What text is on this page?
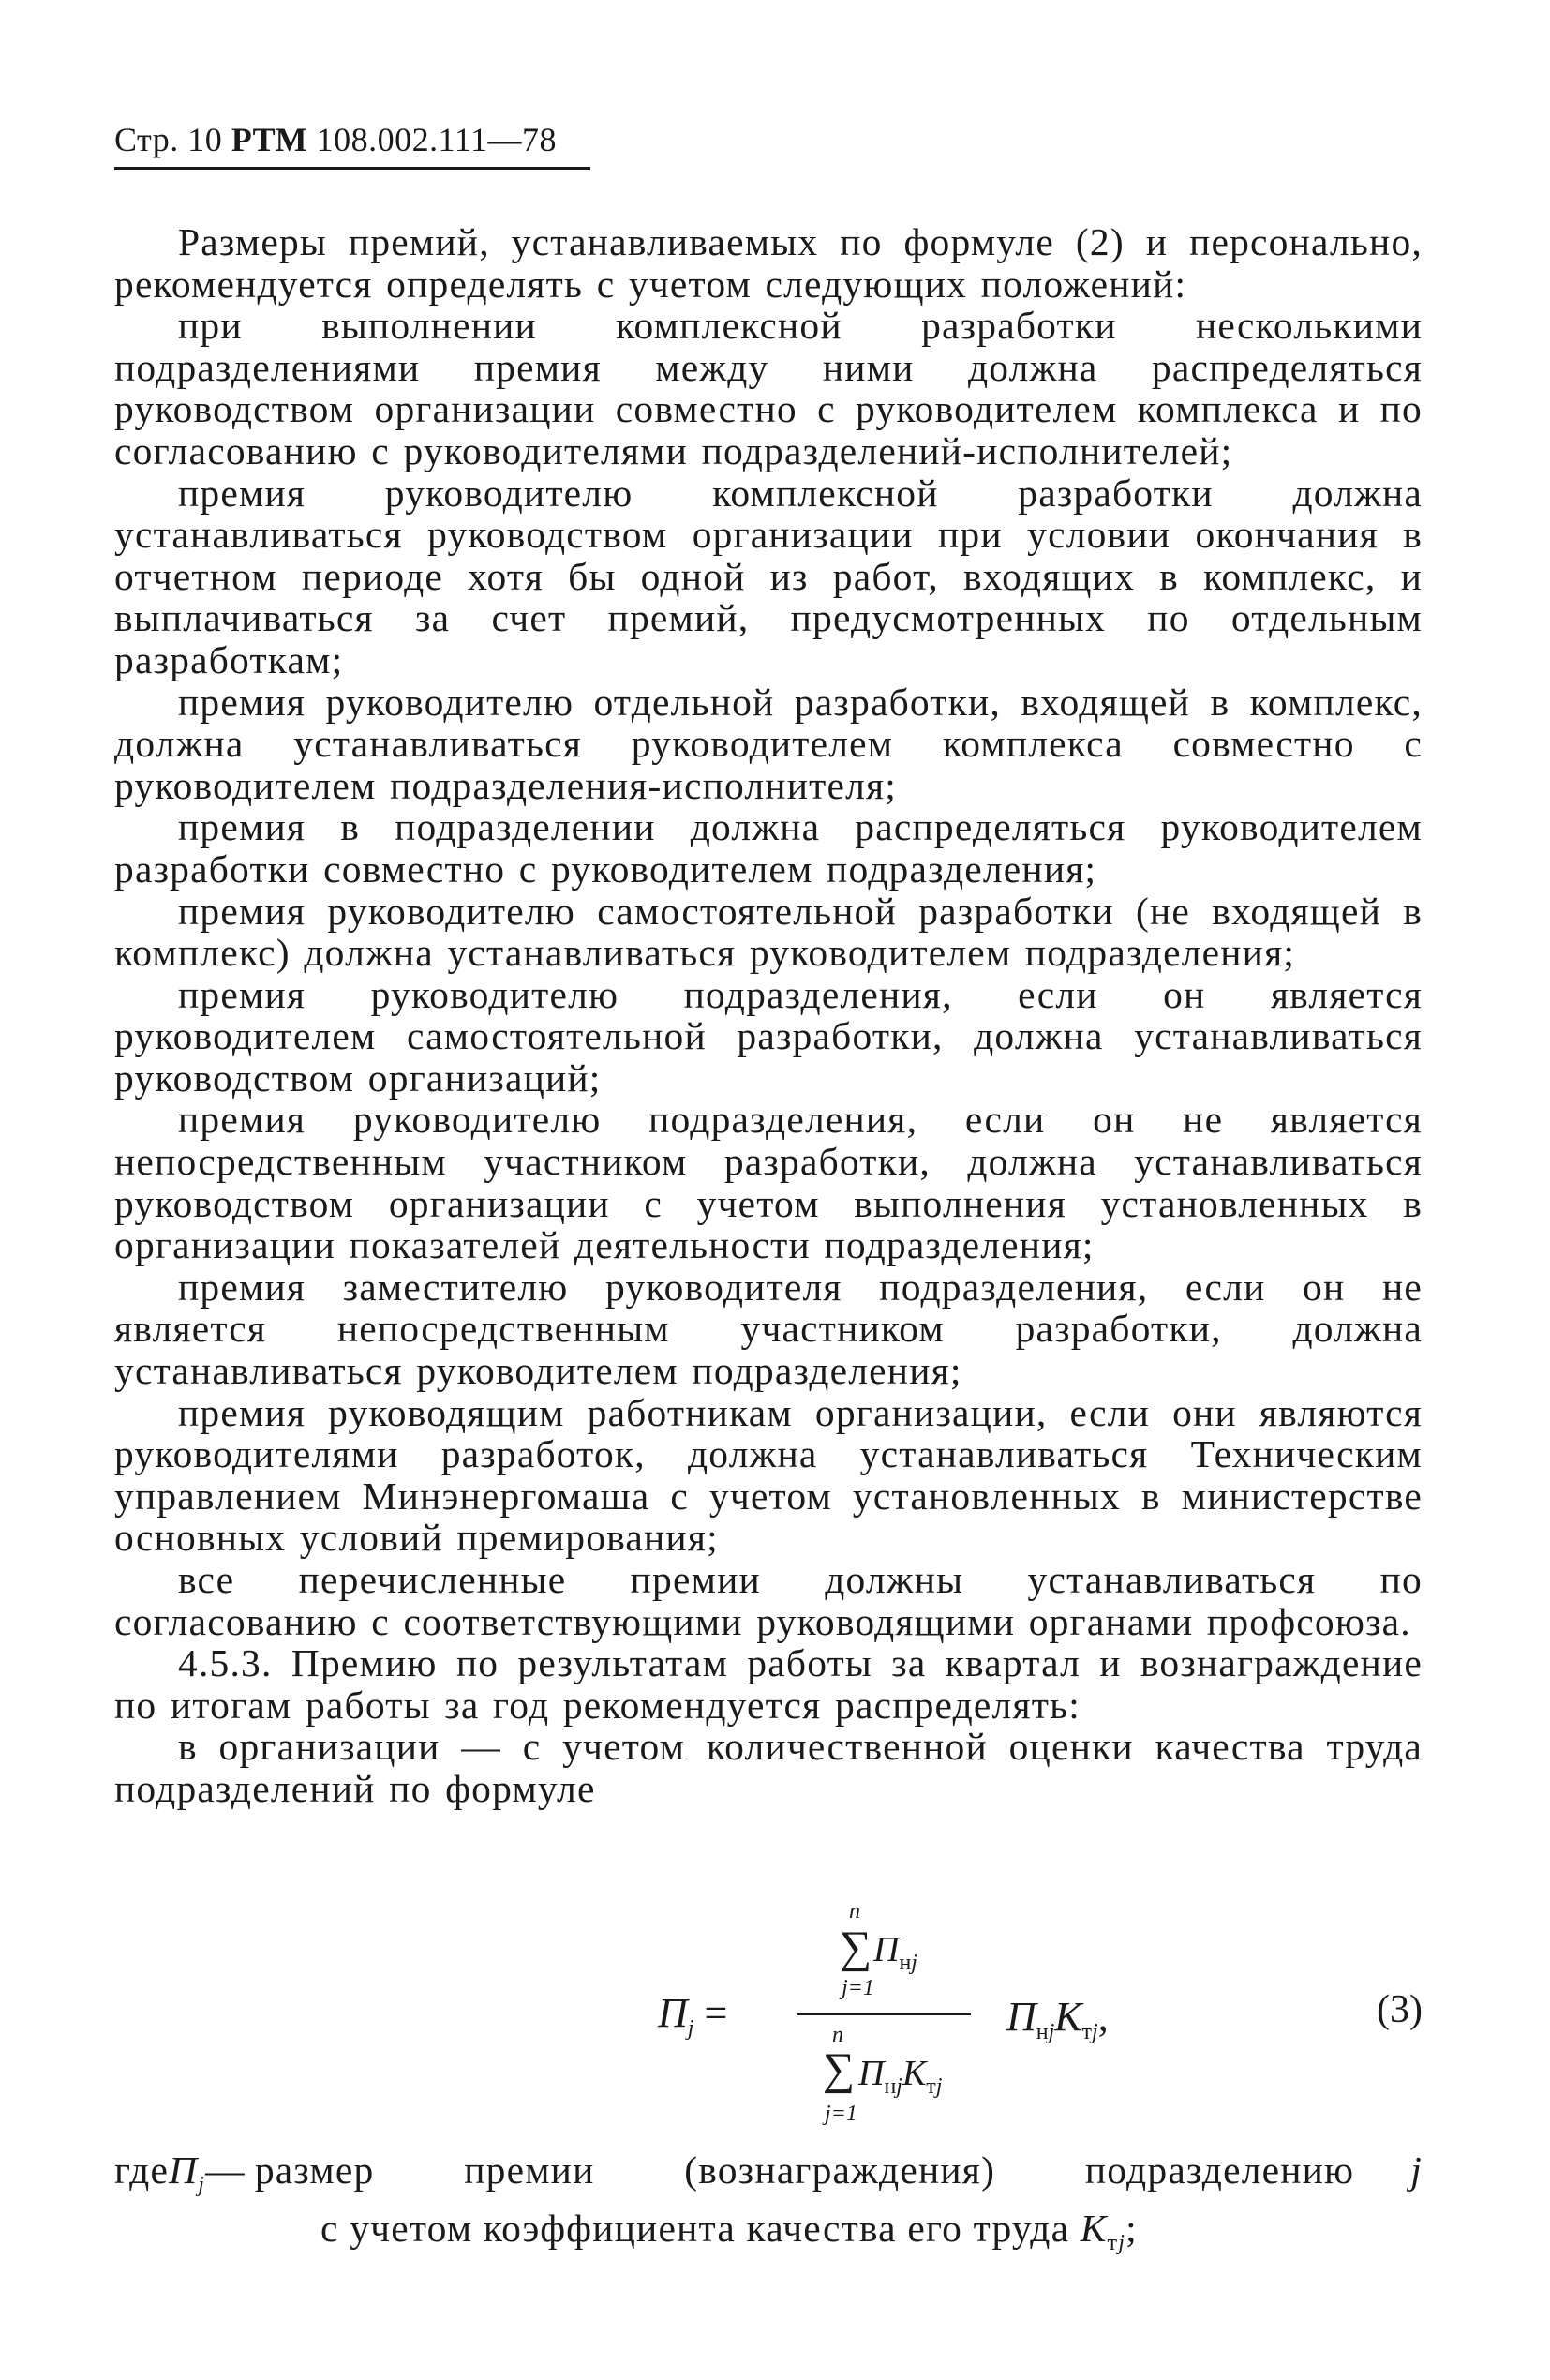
Стр. 10 РТМ 108.002.111—78

Размеры премий, устанавливаемых по формуле (2) и персонально, рекомендуется определять с учетом следующих положений:

при выполнении комплексной разработки несколькими подразделениями премия между ними должна распределяться руководством организации совместно с руководителем комплекса и по согласованию с руководителями подразделений-исполнителей;

премия руководителю комплексной разработки должна устанавливаться руководством организации при условии окончания в отчетном периоде хотя бы одной из работ, входящих в комплекс, и выплачиваться за счет премий, предусмотренных по отдельным разработкам;

премия руководителю отдельной разработки, входящей в комплекс, должна устанавливаться руководителем комплекса совместно с руководителем подразделения-исполнителя;

премия в подразделении должна распределяться руководителем разработки совместно с руководителем подразделения;

премия руководителю самостоятельной разработки (не входящей в комплекс) должна устанавливаться руководителем подразделения;

премия руководителю подразделения, если он является руководителем самостоятельной разработки, должна устанавливаться руководством организаций;

премия руководителю подразделения, если он не является непосредственным участником разработки, должна устанавливаться руководством организации с учетом выполнения установленных в организации показателей деятельности подразделения;

премия заместителю руководителя подразделения, если он не является непосредственным участником разработки, должна устанавливаться руководителем подразделения;

премия руководящим работникам организации, если они являются руководителями разработок, должна устанавливаться Техническим управлением Минэнергомаша с учетом установленных в министерстве основных условий премирования;

все перечисленные премии должны устанавливаться по согласованию с соответствующими руководящими органами профсоюза.

4.5.3. Премию по результатам работы за квартал и вознаграждение по итогам работы за год рекомендуется распределять:

в организации — с учетом количественной оценки качества труда подразделений по формуле

$П_j$ =
n
∑ $П_{нj}$
j=1
n
∑ $П_{нj}К_{тj}$
j=1
$П_{нj}К_{тj}$,	(3)
где $П_j—$ размер премии (вознаграждения) подразделению	j
с учетом коэффициента качества его труда $К_{тj}$;
